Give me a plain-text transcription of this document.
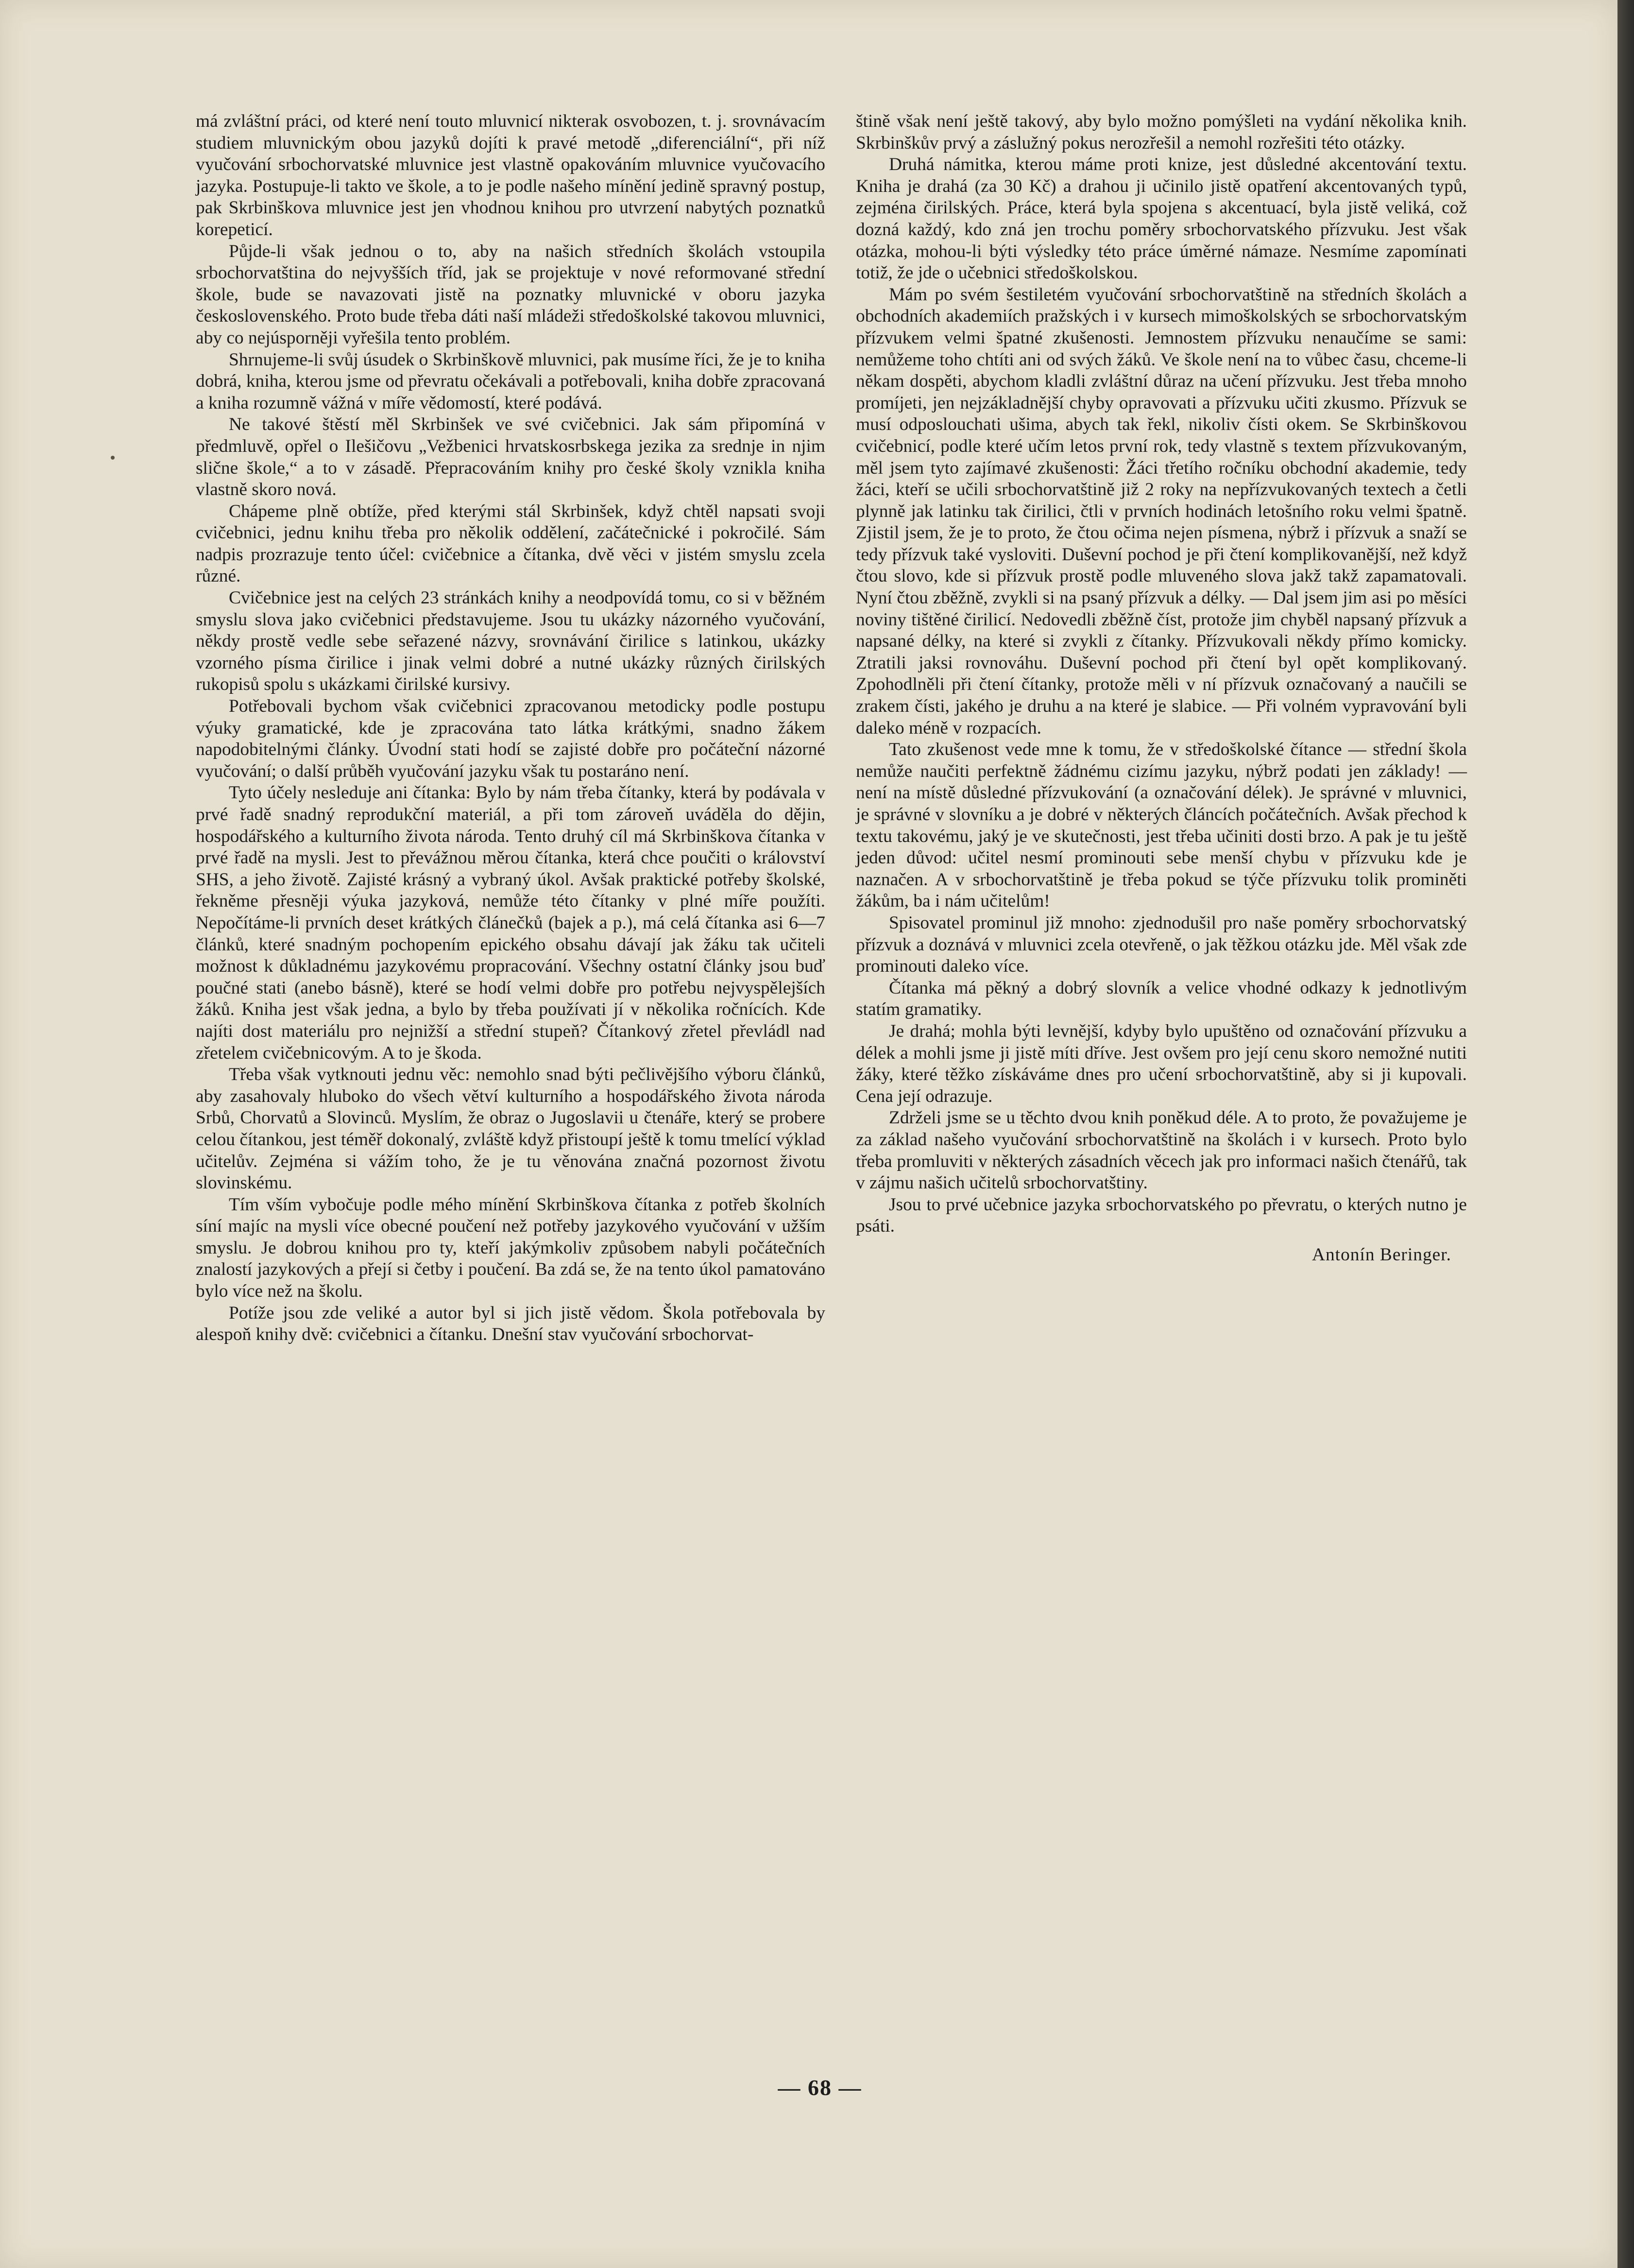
má zvláštní práci, od které není touto mluvnicí nikterak osvobozen, t. j. srovnávacím studiem mluvnickým obou jazyků dojíti k pravé metodě „diferenciální“, při níž vyučování srbochorvatské mluvnice jest vlastně opakováním mluvnice vyučovacího jazyka. Postupuje-li takto ve škole, a to je podle našeho mínění jedině spravný postup, pak Skrbinškova mluvnice jest jen vhodnou knihou pro utvrzení nabytých poznatků korepeticí.

Půjde-li však jednou o to, aby na našich středních školách vstoupila srbochorvatština do nejvyšších tříd, jak se projektuje v nové reformované střední škole, bude se navazovati jistě na poznatky mluvnické v oboru jazyka československého. Proto bude třeba dáti naší mládeži středoškolské takovou mluvnici, aby co nejúsporněji vyřešila tento problém.

Shrnujeme-li svůj úsudek o Skrbinškově mluvnici, pak musíme říci, že je to kniha dobrá, kniha, kterou jsme od převratu očekávali a potřebovali, kniha dobře zpracovaná a kniha rozumně vážná v míře vědomostí, které podává.

Ne takové štěstí měl Skrbinšek ve své cvičebnici. Jak sám připomíná v předmluvě, opřel o Ilešičovu „Vežbenici hrvatskosrbskega jezika za srednje in njim slične škole,“ a to v zásadě. Přepracováním knihy pro české školy vznikla kniha vlastně skoro nová.

Chápeme plně obtíže, před kterými stál Skrbinšek, když chtěl napsati svoji cvičebnici, jednu knihu třeba pro několik oddělení, začátečnické i pokročilé. Sám nadpis prozrazuje tento účel: cvičebnice a čítanka, dvě věci v jistém smyslu zcela různé.

Cvičebnice jest na celých 23 stránkách knihy a neodpovídá tomu, co si v běžném smyslu slova jako cvičebnici představujeme. Jsou tu ukázky názorného vyučování, někdy prostě vedle sebe seřazené názvy, srovnávání čirilice s latinkou, ukázky vzorného písma čirilice i jinak velmi dobré a nutné ukázky různých čirilských rukopisů spolu s ukázkami čirilské kursivy.

Potřebovali bychom však cvičebnici zpracovanou metodicky podle postupu výuky gramatické, kde je zpracována tato látka krátkými, snadno žákem napodobitelnými články. Úvodní stati hodí se zajisté dobře pro počáteční názorné vyučování; o další průběh vyučování jazyku však tu postaráno není.

Tyto účely nesleduje ani čítanka: Bylo by nám třeba čítanky, která by podávala v prvé řadě snadný reprodukční materiál, a při tom zároveň uváděla do dějin, hospodářského a kulturního života národa. Tento druhý cíl má Skrbinškova čítanka v prvé řadě na mysli. Jest to převážnou měrou čítanka, která chce poučiti o království SHS, a jeho životě. Zajisté krásný a vybraný úkol. Avšak praktické potřeby školské, řekněme přesněji výuka jazyková, nemůže této čítanky v plné míře použíti. Nepočítáme-li prvních deset krátkých článečků (bajek a p.), má celá čítanka asi 6—7 článků, které snadným pochopením epického obsahu dávají jak žáku tak učiteli možnost k důkladnému jazykovému propracování. Všechny ostatní články jsou buď poučné stati (anebo básně), které se hodí velmi dobře pro potřebu nejvyspělejších žáků. Kniha jest však jedna, a bylo by třeba používati jí v několika ročnících. Kde najíti dost materiálu pro nejnižší a střední stupeň? Čítankový zřetel převládl nad zřetelem cvičebnicovým. A to je škoda.

Třeba však vytknouti jednu věc: nemohlo snad býti pečlivějšího výboru článků, aby zasahovaly hluboko do všech větví kulturního a hospodářského života národa Srbů, Chorvatů a Slovinců. Myslím, že obraz o Jugoslavii u čtenáře, který se probere celou čítankou, jest téměř dokonalý, zvláště když přistoupí ještě k tomu tmelící výklad učitelův. Zejména si vážím toho, že je tu věnována značná pozornost životu slovinskému.

Tím vším vybočuje podle mého mínění Skrbinškova čítanka z potřeb školních síní majíc na mysli více obecné poučení než potřeby jazykového vyučování v užším smyslu. Je dobrou knihou pro ty, kteří jakýmkoliv způsobem nabyli počátečních znalostí jazykových a přejí si četby i poučení. Ba zdá se, že na tento úkol pamatováno bylo více než na školu.

Potíže jsou zde veliké a autor byl si jich jistě vědom. Škola potřebovala by alespoň knihy dvě: cvičebnici a čítanku. Dnešní stav vyučování srbochorvat-

štině však není ještě takový, aby bylo možno pomýšleti na vydání několika knih. Skrbinškův prvý a záslužný pokus nerozřešil a nemohl rozřešiti této otázky.

Druhá námitka, kterou máme proti knize, jest důsledné akcentování textu. Kniha je drahá (za 30 Kč) a drahou ji učinilo jistě opatření akcentovaných typů, zejména čirilských. Práce, která byla spojena s akcentuací, byla jistě veliká, což dozná každý, kdo zná jen trochu poměry srbochorvatského přízvuku. Jest však otázka, mohou-li býti výsledky této práce úměrné námaze. Nesmíme zapomínati totiž, že jde o učebnici středoškolskou.

Mám po svém šestiletém vyučování srbochorvatštině na středních školách a obchodních akademiích pražských i v kursech mimoškolských se srbochorvatským přízvukem velmi špatné zkušenosti. Jemnostem přízvuku nenaučíme se sami: nemůžeme toho chtíti ani od svých žáků. Ve škole není na to vůbec času, chceme-li někam dospěti, abychom kladli zvláštní důraz na učení přízvuku. Jest třeba mnoho promíjeti, jen nejzákladnější chyby opravovati a přízvuku učiti zkusmo. Přízvuk se musí odposlouchati ušima, abych tak řekl, nikoliv čísti okem. Se Skrbinškovou cvičebnicí, podle které učím letos první rok, tedy vlastně s textem přízvukovaným, měl jsem tyto zajímavé zkušenosti: Žáci třetího ročníku obchodní akademie, tedy žáci, kteří se učili srbochorvatštině již 2 roky na nepřízvukovaných textech a četli plynně jak latinku tak čirilici, čtli v prvních hodinách letošního roku velmi špatně. Zjistil jsem, že je to proto, že čtou očima nejen písmena, nýbrž i přízvuk a snaží se tedy přízvuk také vysloviti. Duševní pochod je při čtení komplikovanější, než když čtou slovo, kde si přízvuk prostě podle mluveného slova jakž takž zapamatovali. Nyní čtou zběžně, zvykli si na psaný přízvuk a délky. — Dal jsem jim asi po měsíci noviny tištěné čirilicí. Nedovedli zběžně číst, protože jim chyběl napsaný přízvuk a napsané délky, na které si zvykli z čítanky. Přízvukovali někdy přímo komicky. Ztratili jaksi rovnováhu. Duševní pochod při čtení byl opět komplikovaný. Zpohodlněli při čtení čítanky, protože měli v ní přízvuk označovaný a naučili se zrakem čísti, jakého je druhu a na které je slabice. — Při volném vypravování byli daleko méně v rozpacích.

Tato zkušenost vede mne k tomu, že v středoškolské čítance — střední škola nemůže naučiti perfektně žádnému cizímu jazyku, nýbrž podati jen základy! — není na místě důsledné přízvukování (a označování délek). Je správné v mluvnici, je správné v slovníku a je dobré v některých článcích počátečních. Avšak přechod k textu takovému, jaký je ve skutečnosti, jest třeba učiniti dosti brzo. A pak je tu ještě jeden důvod: učitel nesmí prominouti sebe menší chybu v přízvuku kde je naznačen. A v srbochorvatštině je třeba pokud se týče přízvuku tolik prominěti žákům, ba i nám učitelům!

Spisovatel prominul již mnoho: zjednodušil pro naše poměry srbochorvatský přízvuk a doznává v mluvnici zcela otevřeně, o jak těžkou otázku jde. Měl však zde prominouti daleko více.

Čítanka má pěkný a dobrý slovník a velice vhodné odkazy k jednotlivým statím gramatiky.

Je drahá; mohla býti levnější, kdyby bylo upuštěno od označování přízvuku a délek a mohli jsme ji jistě míti dříve. Jest ovšem pro její cenu skoro nemožné nutiti žáky, které těžko získáváme dnes pro učení srbochorvatštině, aby si ji kupovali. Cena její odrazuje.

Zdrželi jsme se u těchto dvou knih poněkud déle. A to proto, že považujeme je za základ našeho vyučování srbochorvatštině na školách i v kursech. Proto bylo třeba promluviti v některých zásadních věcech jak pro informaci našich čtenářů, tak v zájmu našich učitelů srbochorvatštiny.

Jsou to prvé učebnice jazyka srbochorvatského po převratu, o kterých nutno je psáti.

Antonín Beringer.
— 68 —
